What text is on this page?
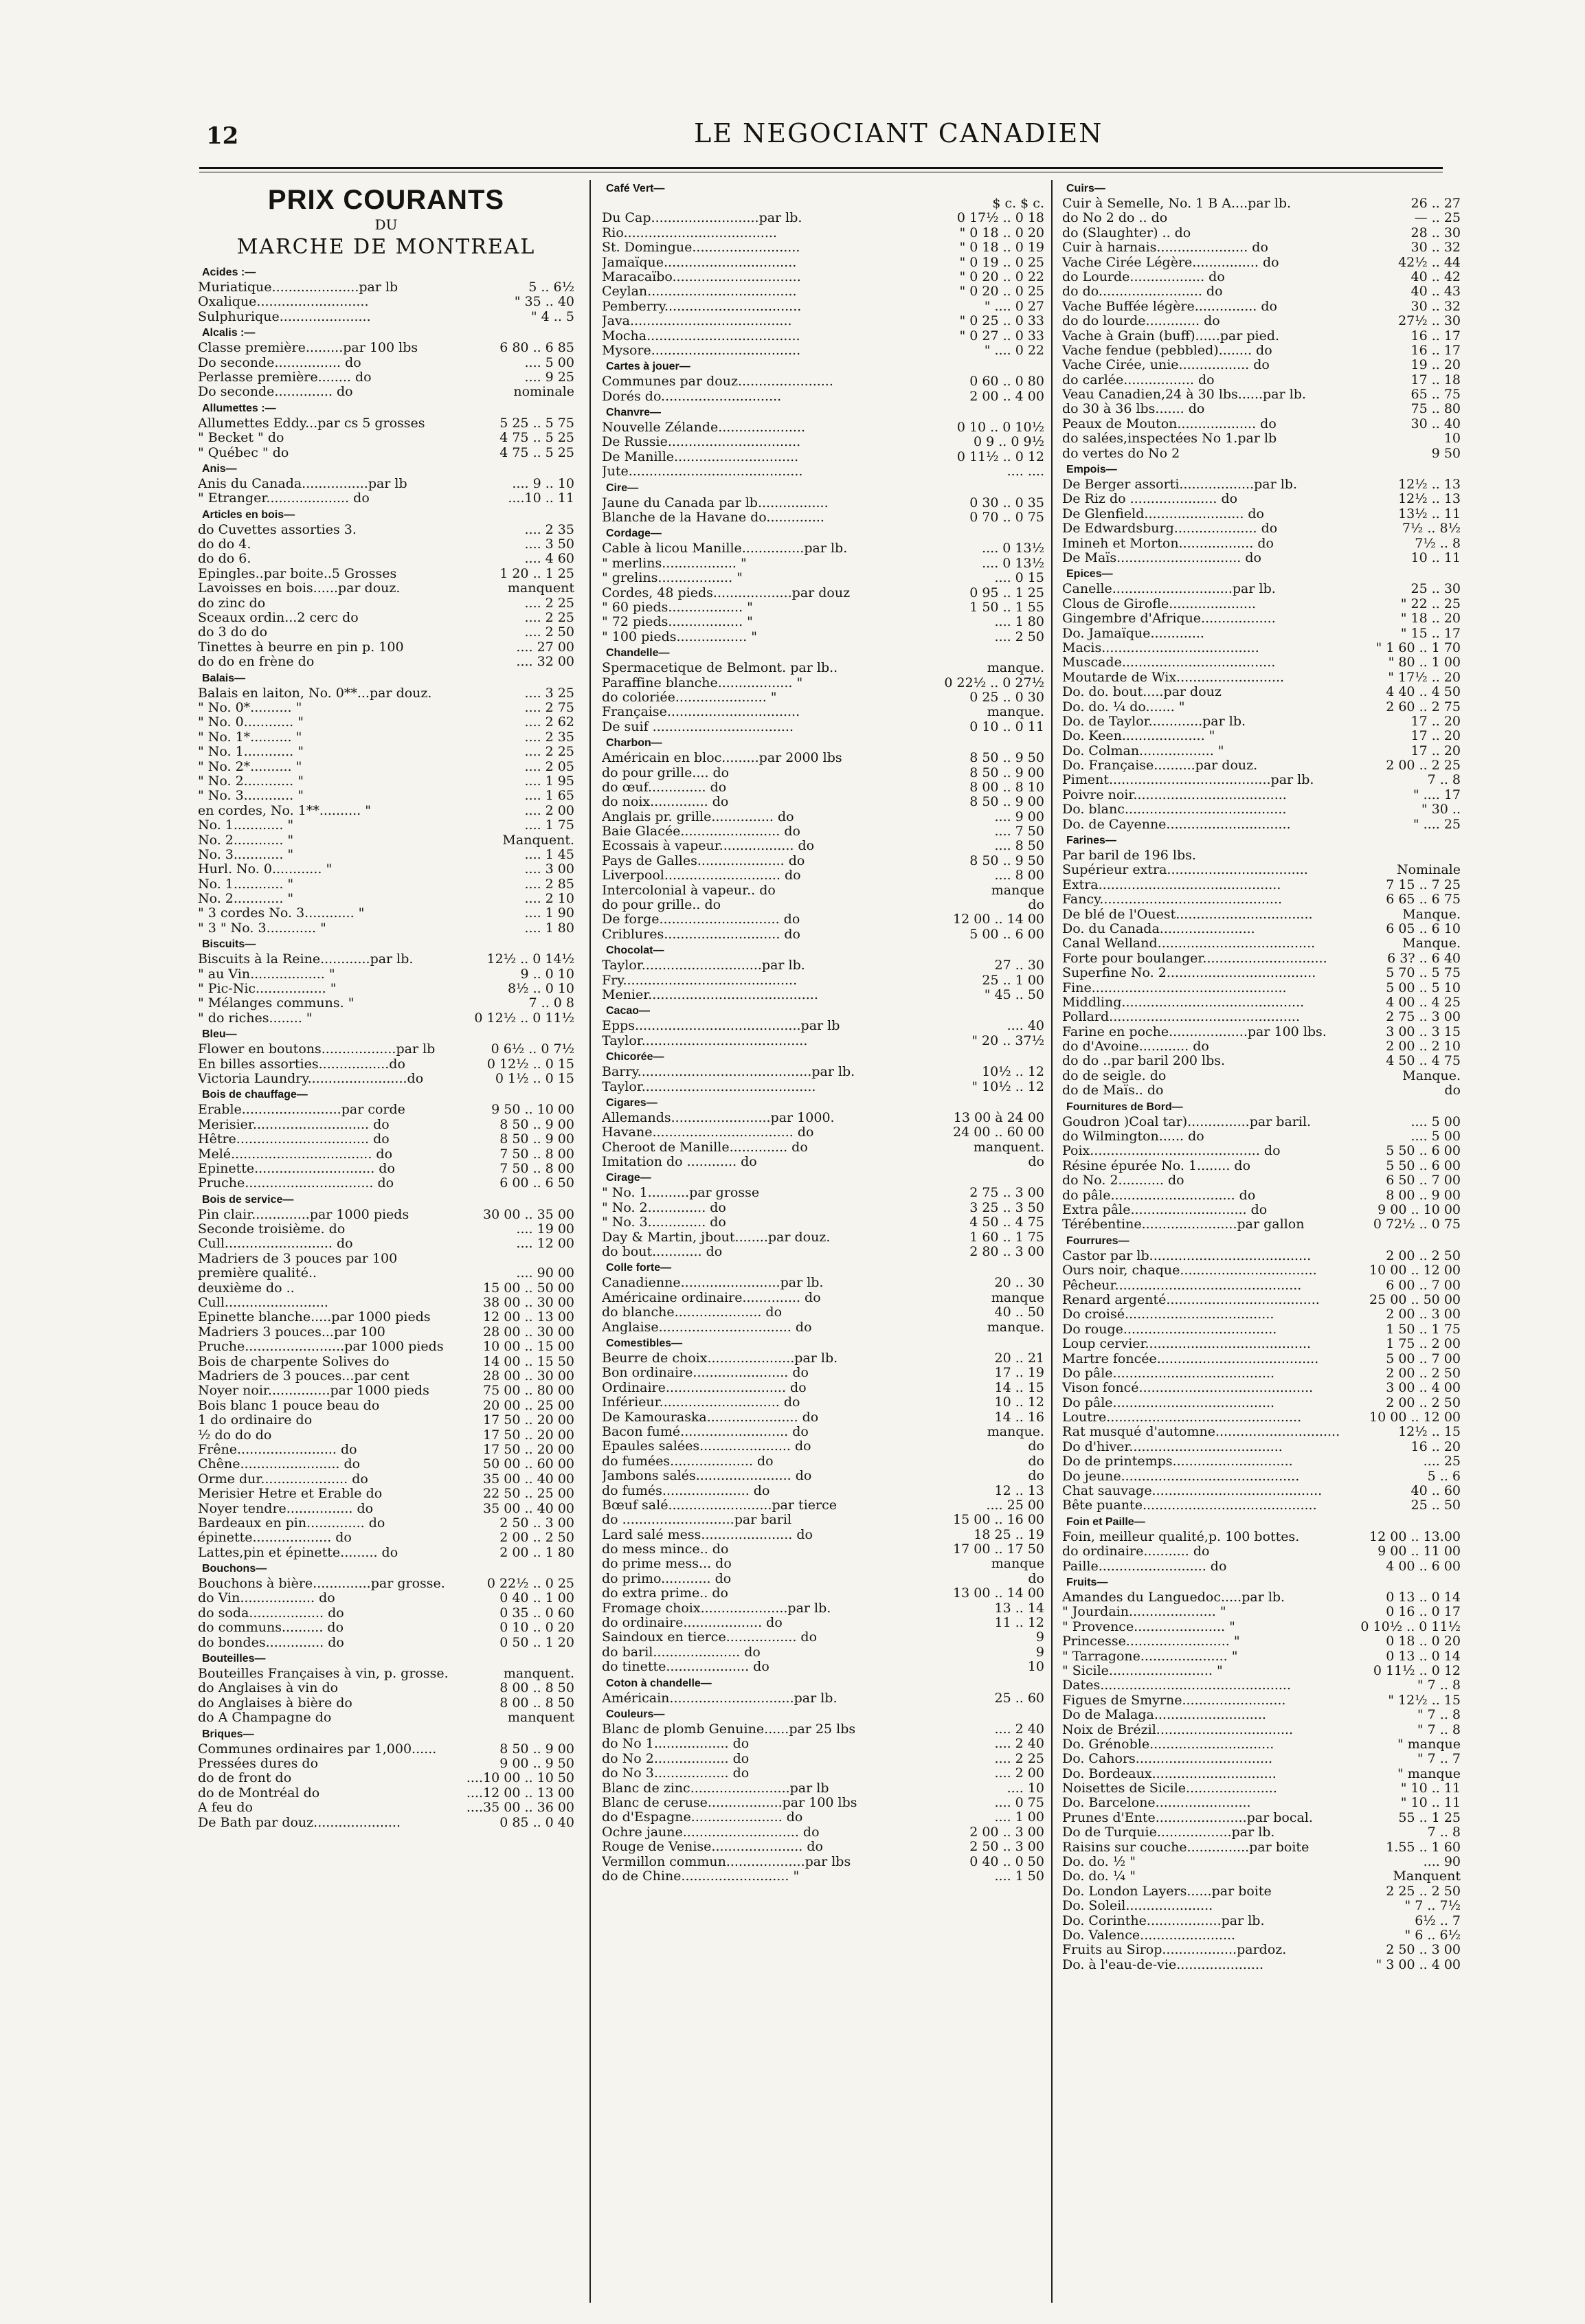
12	LE NEGOCIANT CANADIEN
PRIX COURANTS
DU
MARCHE DE MONTREAL
Acides :—
Muriatique.....................par lb	5 .. 6½
Oxalique...........................	" 35 .. 40
Sulphurique......................	" 4 .. 5
Alcalis :—
Classe première.........par 100 lbs	6 80 .. 6 85
Do seconde................ do	.... 5 00
Perlasse première........ do	.... 9 25
Do seconde.............. do	nominale
Allumettes :—
Allumettes Eddy...par cs 5 grosses	5 25 .. 5 75
" Becket " do	4 75 .. 5 25
" Québec " do	4 75 .. 5 25
Anis—
Anis du Canada................par lb	.... 9 .. 10
" Etranger.................... do	....10 .. 11
Articles en bois—
do Cuvettes assorties 3.	.... 2 35
do do 4.	.... 3 50
do do 6.	.... 4 60
Epingles..par boite..5 Grosses	1 20 .. 1 25
Lavoisses en bois......par douz.	manquent
do zinc do	.... 2 25
Sceaux ordin...2 cerc do	.... 2 25
do 3 do do	.... 2 50
Tinettes à beurre en pin p. 100	.... 27 00
do do en frène do	.... 32 00
Balais—
Balais en laiton, No. 0**...par douz.	.... 3 25
" No. 0*.......... "	.... 2 75
" No. 0............ "	.... 2 62
" No. 1*.......... "	.... 2 35
" No. 1............ "	.... 2 25
" No. 2*.......... "	.... 2 05
" No. 2............ "	.... 1 95
" No. 3............ "	.... 1 65
en cordes, No. 1**.......... "	.... 2 00
No. 1............ "	.... 1 75
No. 2............ "	Manquent.
No. 3............ "	.... 1 45
Hurl. No. 0............ "	.... 3 00
No. 1............ "	.... 2 85
No. 2............ "	.... 2 10
" 3 cordes No. 3............ "	.... 1 90
" 3 " No. 3............ "	.... 1 80
Biscuits—
Biscuits à la Reine............par lb.	12½ .. 0 14½
" au Vin.................. "	9 .. 0 10
" Pic-Nic................. "	8½ .. 0 10
" Mélanges communs. "	7 .. 0 8
" do riches........ "	0 12½ .. 0 11½
Bleu—
Flower en boutons..................par lb	0 6½ .. 0 7½
En billes assorties.................do	0 12½ .. 0 15
Victoria Laundry........................do	0 1½ .. 0 15
Bois de chauffage—
Erable........................par corde	9 50 .. 10 00
Merisier............................ do	8 50 .. 9 00
Hêtre................................ do	8 50 .. 9 00
Melé.................................. do	7 50 .. 8 00
Epinette............................. do	7 50 .. 8 00
Pruche............................... do	6 00 .. 6 50
Bois de service—
Pin clair..............par 1000 pieds	30 00 .. 35 00
Seconde troisième. do	.... 19 00
Cull.......................... do	.... 12 00
Madriers de 3 pouces par 100
première qualité..	.... 90 00
deuxième do ..	15 00 .. 50 00
Cull.........................	38 00 .. 30 00
Epinette blanche.....par 1000 pieds	12 00 .. 13 00
Madriers 3 pouces...par 100	28 00 .. 30 00
Pruche........................par 1000 pieds	10 00 .. 15 00
Bois de charpente Solives do	14 00 .. 15 50
Madriers de 3 pouces...par cent	28 00 .. 30 00
Noyer noir...............par 1000 pieds	75 00 .. 80 00
Bois blanc 1 pouce beau do	20 00 .. 25 00
1 do ordinaire do	17 50 .. 20 00
½ do do do	17 50 .. 20 00
Frêne........................ do	17 50 .. 20 00
Chêne........................ do	50 00 .. 60 00
Orme dur..................... do	35 00 .. 40 00
Merisier Hetre et Erable do	22 50 .. 25 00
Noyer tendre................ do	35 00 .. 40 00
Bardeaux en pin.............. do	2 50 .. 3 00
épinette................... do	2 00 .. 2 50
Lattes,pin et épinette......... do	2 00 .. 1 80
Bouchons—
Bouchons à bière..............par grosse.	0 22½ .. 0 25
do Vin.................. do	0 40 .. 1 00
do soda.................. do	0 35 .. 0 60
do communs.......... do	0 10 .. 0 20
do bondes.............. do	0 50 .. 1 20
Bouteilles—
Bouteilles Françaises à vin, p. grosse.	manquent.
do Anglaises à vin do	8 00 .. 8 50
do Anglaises à bière do	8 00 .. 8 50
do A Champagne do	manquent
Briques—
Communes ordinaires par 1,000......	8 50 .. 9 00
Pressées dures do	9 00 .. 9 50
do de front do	....10 00 .. 10 50
do de Montréal do	....12 00 .. 13 00
A feu do	....35 00 .. 36 00
De Bath par douz.....................	0 85 .. 0 40
Café Vert—
$ c. $ c.
Du Cap..........................par lb.	0 17½ .. 0 18
Rio.....................................	" 0 18 .. 0 20
St. Domingue..........................	" 0 18 .. 0 19
Jamaïque................................	" 0 19 .. 0 25
Maracaïbo...............................	" 0 20 .. 0 22
Ceylan....................................	" 0 20 .. 0 25
Pemberry.................................	" .... 0 27
Java.......................................	" 0 25 .. 0 33
Mocha.....................................	" 0 27 .. 0 33
Mysore....................................	" .... 0 22
Cartes à jouer—
Communes par douz.......................	0 60 .. 0 80
Dorés do.............................	2 00 .. 4 00
Chanvre—
Nouvelle Zélande.....................	0 10 .. 0 10½
De Russie................................	0 9 .. 0 9½
De Manille..............................	0 11½ .. 0 12
Jute..........................................	.... ....
Cire—
Jaune du Canada par lb.................	0 30 .. 0 35
Blanche de la Havane do..............	0 70 .. 0 75
Cordage—
Cable à licou Manille...............par lb.	.... 0 13½
" merlins.................. "	.... 0 13½
" grelins.................. "	.... 0 15
Cordes, 48 pieds...................par douz	0 95 .. 1 25
" 60 pieds.................. "	1 50 .. 1 55
" 72 pieds.................. "	.... 1 80
" 100 pieds................. "	.... 2 50
Chandelle—
Spermacetique de Belmont. par lb..	manque.
Paraffine blanche.................. "	0 22½ .. 0 27½
do coloriée...................... "	0 25 .. 0 30
Française................................	manque.
De suif ..................................	0 10 .. 0 11
Charbon—
Américain en bloc.........par 2000 lbs	8 50 .. 9 50
do pour grille.... do	8 50 .. 9 00
do œuf.............. do	8 00 .. 8 10
do noix.............. do	8 50 .. 9 00
Anglais pr. grille............... do	.... 9 00
Baie Glacée........................ do	.... 7 50
Ecossais à vapeur.................. do	.... 8 50
Pays de Galles..................... do	8 50 .. 9 50
Liverpool............................ do	.... 8 00
Intercolonial à vapeur.. do	manque
do pour grille.. do	do
De forge............................. do	12 00 .. 14 00
Criblures............................ do	5 00 .. 6 00
Chocolat—
Taylor.............................par lb.	27 .. 30
Fry..........................................	25 .. 1 00
Menier.........................................	" 45 .. 50
Cacao—
Epps........................................par lb	.... 40
Taylor........................................	" 20 .. 37½
Chicorée—
Barry..........................................par lb.	10½ .. 12
Taylor..........................................	" 10½ .. 12
Cigares—
Allemands........................par 1000.	13 00 à 24 00
Havane.................................. do	24 00 .. 60 00
Cheroot de Manille.............. do	manquent.
Imitation do ............ do	do
Cirage—
" No. 1..........par grosse	2 75 .. 3 00
" No. 2.............. do	3 25 .. 3 50
" No. 3.............. do	4 50 .. 4 75
Day & Martin, jbout........par douz.	1 60 .. 1 75
do bout............ do	2 80 .. 3 00
Colle forte—
Canadienne........................par lb.	20 .. 30
Américaine ordinaire.............. do	manque
do blanche..................... do	40 .. 50
Anglaise................................ do	manque.
Comestibles—
Beurre de choix.....................par lb.	20 .. 21
Bon ordinaire....................... do	17 .. 19
Ordinaire............................. do	14 .. 15
Inférieur............................. do	10 .. 12
De Kamouraska...................... do	14 .. 16
Bacon fumé.......................... do	manque.
Epaules salées...................... do	do
do fumées.................... do	do
Jambons salés....................... do	do
do fumés..................... do	12 .. 13
Bœuf salé.........................par tierce	.... 25 00
do ...........................par baril	15 00 .. 16 00
Lard salé mess...................... do	18 25 .. 19
do mess mince.. do	17 00 .. 17 50
do prime mess... do	manque
do primo............ do	do
do extra prime.. do	13 00 .. 14 00
Fromage choix.....................par lb.	13 .. 14
do ordinaire................... do	11 .. 12
Saindoux en tierce................. do	9
do baril..................... do	9
do tinette.................... do	10
Coton à chandelle—
Américain..............................par lb.	25 .. 60
Couleurs—
Blanc de plomb Genuine......par 25 lbs	.... 2 40
do No 1.................. do	.... 2 40
do No 2.................. do	.... 2 25
do No 3.................. do	.... 2 00
Blanc de zinc........................par lb	.... 10
Blanc de ceruse..................par 100 lbs	.... 0 75
do d'Espagne...................... do	.... 1 00
Ochre jaune............................ do	2 00 .. 3 00
Rouge de Venise...................... do	2 50 .. 3 00
Vermillon commun...................par lbs	0 40 .. 0 50
do de Chine.......................... "	.... 1 50
Cuirs—
Cuir à Semelle, No. 1 B A....par lb.	26 .. 27
do No 2 do .. do	— .. 25
do (Slaughter) .. do	28 .. 30
Cuir à harnais...................... do	30 .. 32
Vache Cirée Légère................ do	42½ .. 44
do Lourde.................. do	40 .. 42
do do......................... do	40 .. 43
Vache Buffée légère............... do	30 .. 32
do do lourde............. do	27½ .. 30
Vache à Grain (buff)......par pied.	16 .. 17
Vache fendue (pebbled)........ do	16 .. 17
Vache Cirée, unie................. do	19 .. 20
do carlée................. do	17 .. 18
Veau Canadien,24 à 30 lbs......par lb.	65 .. 75
do 30 à 36 lbs....... do	75 .. 80
Peaux de Mouton................... do	30 .. 40
do salées,inspectées No 1.par lb	10
do vertes do No 2	9 50
Empois—
De Berger assorti..................par lb.	12½ .. 13
De Riz do ..................... do	12½ .. 13
De Glenfield........................ do	13½ .. 11
De Edwardsburg.................... do	7½ .. 8½
Imineh et Morton.................. do	7½ .. 8
De Maïs.............................. do	10 .. 11
Epices—
Canelle.............................par lb.	25 .. 30
Clous de Girofle.....................	" 22 .. 25
Gingembre d'Afrique..................	" 18 .. 20
Do. Jamaïque.............	" 15 .. 17
Macis......................................	" 1 60 .. 1 70
Muscade.....................................	" 80 .. 1 00
Moutarde de Wix..........................	" 17½ .. 20
Do. do. bout.....par douz	4 40 .. 4 50
Do. do. ¼ do....... "	2 60 .. 2 75
Do. de Taylor.............par lb.	17 .. 20
Do. Keen.................... "	17 .. 20
Do. Colman.................. "	17 .. 20
Do. Française..........par douz.	2 00 .. 2 25
Piment.......................................par lb.	7 .. 8
Poivre noir.....................................	" .... 17
Do. blanc.......................................	" 30 ..
Do. de Cayenne..............................	" .... 25
Farines—
Par baril de 196 lbs.
Supérieur extra..................................	Nominale
Extra............................................	7 15 .. 7 25
Fancy............................................	6 65 .. 6 75
De blé de l'Ouest.................................	Manque.
Do. du Canada.......................	6 05 .. 6 10
Canal Welland......................................	Manque.
Forte pour boulanger..............................	6 3? .. 6 40
Superfine No. 2....................................	5 70 .. 5 75
Fine...............................................	5 00 .. 5 10
Middling............................................	4 00 .. 4 25
Pollard..............................................	2 75 .. 3 00
Farine en poche...................par 100 lbs.	3 00 .. 3 15
do d'Avoine............ do	2 00 .. 2 10
do do ..par baril 200 lbs.	4 50 .. 4 75
do de seigle. do	Manque.
do de Maïs.. do	do
Fournitures de Bord—
Goudron )Coal tar)...............par baril.	.... 5 00
do Wilmington...... do	.... 5 00
Poix......................................... do	5 50 .. 6 00
Résine épurée No. 1........ do	5 50 .. 6 00
do No. 2........... do	6 50 .. 7 00
do pâle.............................. do	8 00 .. 9 00
Extra pâle............................ do	9 00 .. 10 00
Térébentine.......................par gallon	0 72½ .. 0 75
Fourrures—
Castor par lb.......................................	2 00 .. 2 50
Ours noir, chaque.................................	10 00 .. 12 00
Pêcheur.............................................	6 00 .. 7 00
Renard argenté.....................................	25 00 .. 50 00
Do croisé....................................	2 00 .. 3 00
Do rouge.....................................	1 50 .. 1 75
Loup cervier........................................	1 75 .. 2 00
Martre foncée.......................................	5 00 .. 7 00
Do pâle.......................................	2 00 .. 2 50
Vison foncé..........................................	3 00 .. 4 00
Do pâle.......................................	2 00 .. 2 50
Loutre...............................................	10 00 .. 12 00
Rat musqué d'automne..............................	12½ .. 15
Do d'hiver.....................................	16 .. 20
Do de printemps.............................	.... 25
Do jeune...........................................	5 .. 6
Chat sauvage.........................................	40 .. 60
Bête puante..........................................	25 .. 50
Foin et Paille—
Foin, meilleur qualité,p. 100 bottes.	12 00 .. 13.00
do ordinaire........... do	9 00 .. 11 00
Paille.......................... do	4 00 .. 6 00
Fruits—
Amandes du Languedoc.....par lb.	0 13 .. 0 14
" Jourdain..................... "	0 16 .. 0 17
" Provence...................... "	0 10½ .. 0 11½
Princesse......................... "	0 18 .. 0 20
" Tarragone..................... "	0 13 .. 0 14
" Sicile......................... "	0 11½ .. 0 12
Dates..............................................	" 7 .. 8
Figues de Smyrne.........................	" 12½ .. 15
Do de Malaga...........................	" 7 .. 8
Noix de Brézil.................................	" 7 .. 8
Do. Grénoble..............................	" manque
Do. Cahors.................................	" 7 .. 7
Do. Bordeaux..............................	" manque
Noisettes de Sicile......................	" 10 .. 11
Do. Barcelone.......................	" 10 .. 11
Prunes d'Ente......................par bocal.	55 .. 1 25
Do de Turquie..................par lb.	7 .. 8
Raisins sur couche...............par boite	1.55 .. 1 60
Do. do. ½ "	.... 90
Do. do. ¼ "	Manquent
Do. London Layers......par boite	2 25 .. 2 50
Do. Soleil.....................	" 7 .. 7½
Do. Corinthe..................par lb.	6½ .. 7
Do. Valence.......................	" 6 .. 6½
Fruits au Sirop..................pardoz.	2 50 .. 3 00
Do. à l'eau-de-vie.....................	" 3 00 .. 4 00
